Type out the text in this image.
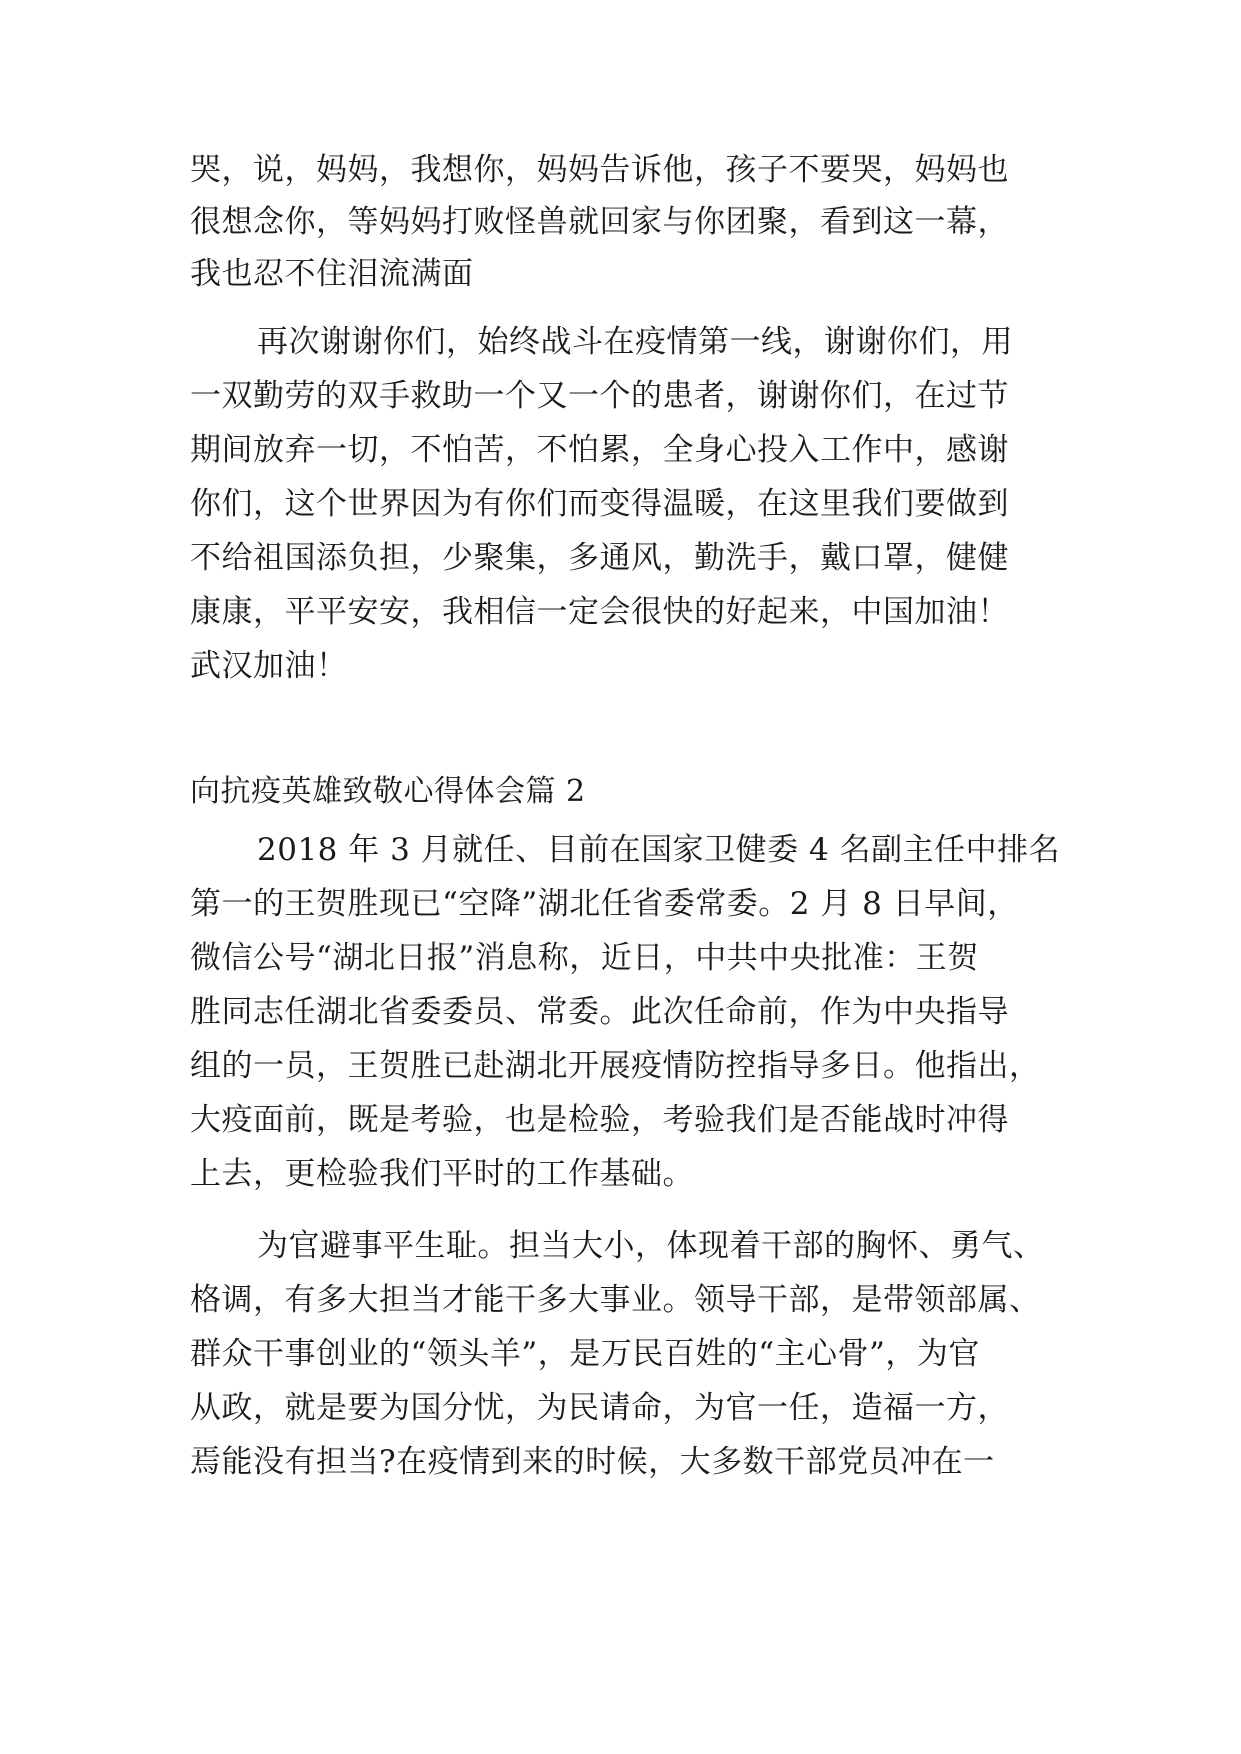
哭，说，妈妈，我想你，妈妈告诉他，孩子不要哭，妈妈也
很想念你，等妈妈打败怪兽就回家与你团聚，看到这一幕，
我也忍不住泪流满面
再次谢谢你们，始终战斗在疫情第一线，谢谢你们，用
一双勤劳的双手救助一个又一个的患者，谢谢你们，在过节
期间放弃一切，不怕苦，不怕累，全身心投入工作中，感谢
你们，这个世界因为有你们而变得温暖，在这里我们要做到
不给祖国添负担，少聚集，多通风，勤洗手，戴口罩，健健
康康，平平安安，我相信一定会很快的好起来，中国加油！
武汉加油！
向抗疫英雄致敬心得体会篇 2
2018 年 3 月就任、目前在国家卫健委 4 名副主任中排名
第一的王贺胜现已“空降”湖北任省委常委。2 月 8 日早间，
微信公号“湖北日报”消息称，近日，中共中央批准：王贺
胜同志任湖北省委委员、常委。此次任命前，作为中央指导
组的一员，王贺胜已赴湖北开展疫情防控指导多日。他指出，
大疫面前，既是考验，也是检验，考验我们是否能战时冲得
上去，更检验我们平时的工作基础。
为官避事平生耻。担当大小，体现着干部的胸怀、勇气、
格调，有多大担当才能干多大事业。领导干部，是带领部属、
群众干事创业的“领头羊”，是万民百姓的“主心骨”，为官
从政，就是要为国分忧，为民请命，为官一任，造福一方，
焉能没有担当?在疫情到来的时候，大多数干部党员冲在一
